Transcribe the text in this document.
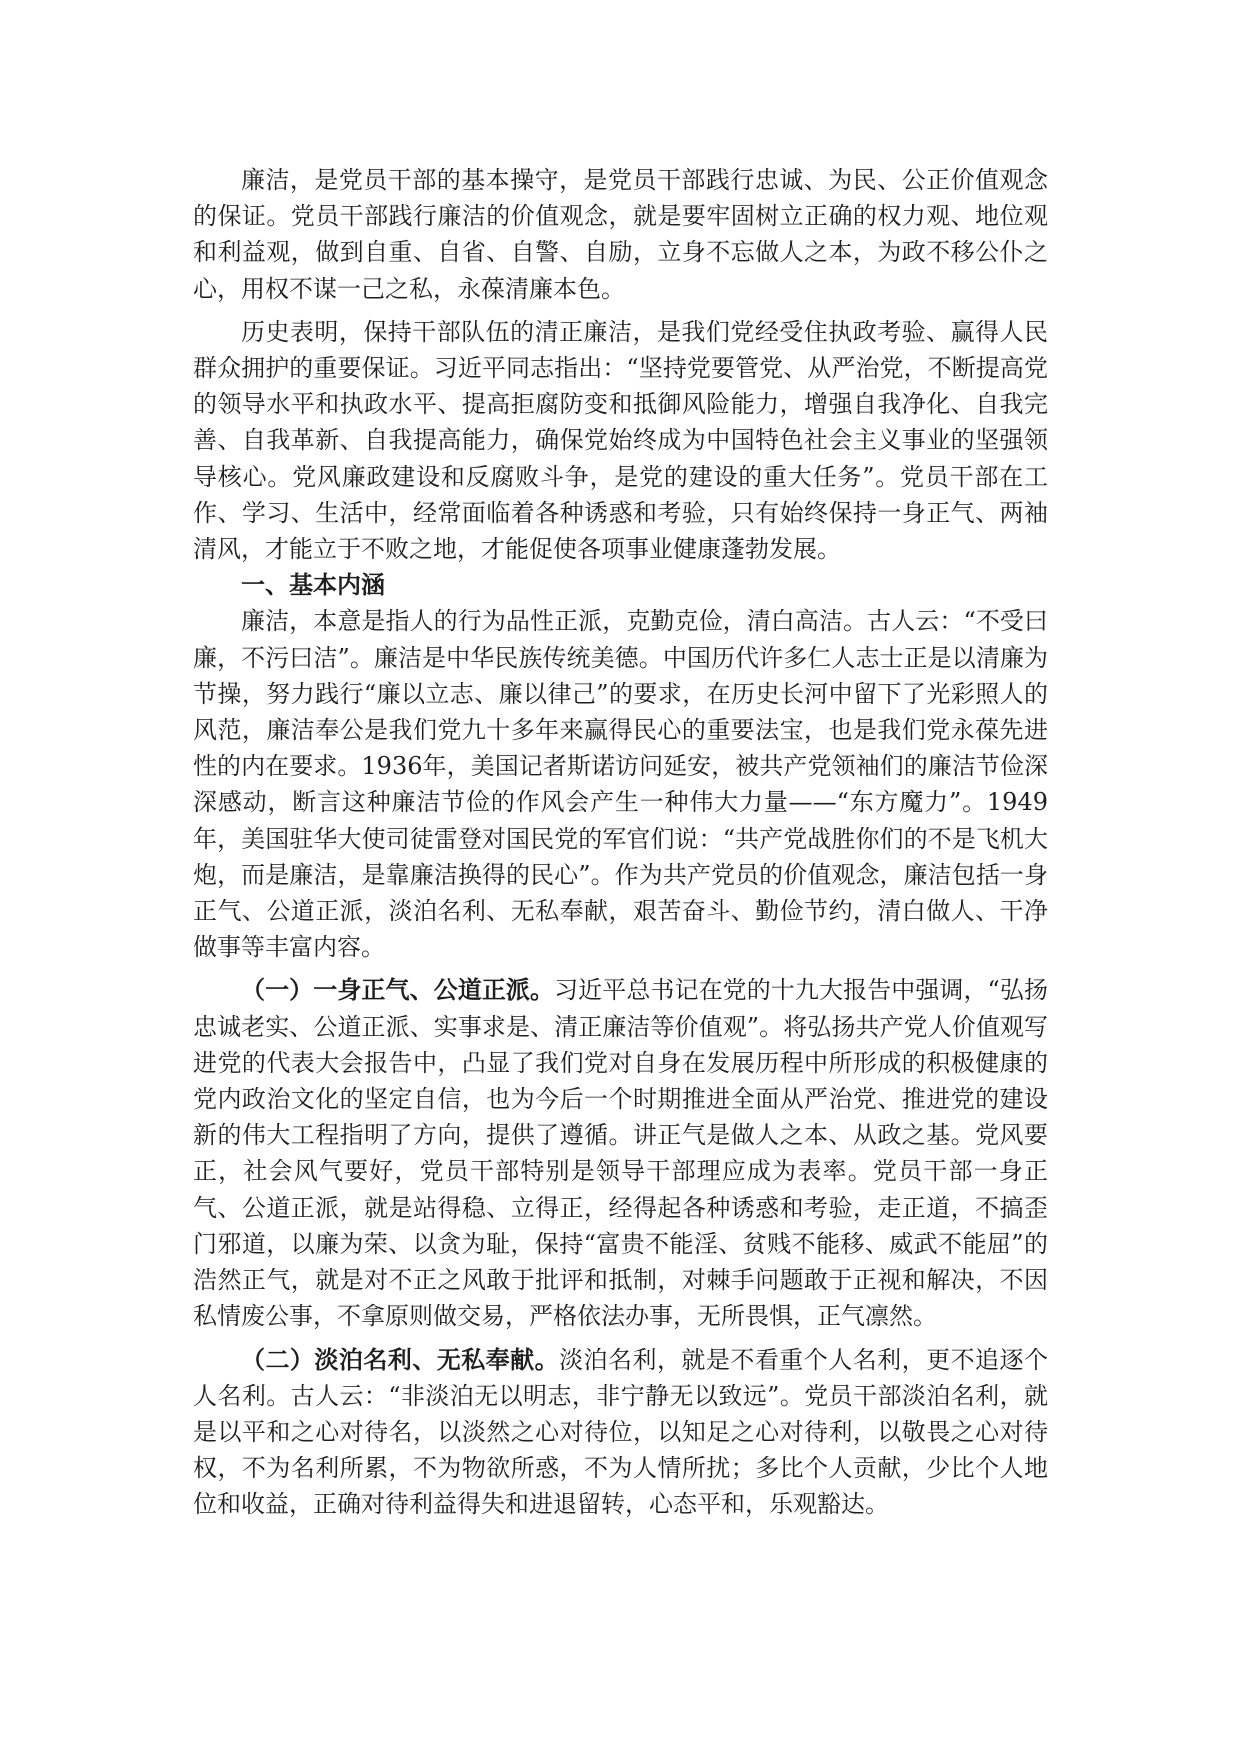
廉洁，是党员干部的基本操守，是党员干部践行忠诚、为民、公正价值观念的保证。党员干部践行廉洁的价值观念，就是要牢固树立正确的权力观、地位观和利益观，做到自重、自省、自警、自励，立身不忘做人之本，为政不移公仆之心，用权不谋一己之私，永葆清廉本色。

历史表明，保持干部队伍的清正廉洁，是我们党经受住执政考验、赢得人民群众拥护的重要保证。习近平同志指出：“坚持党要管党、从严治党，不断提高党的领导水平和执政水平、提高拒腐防变和抵御风险能力，增强自我净化、自我完善、自我革新、自我提高能力，确保党始终成为中国特色社会主义事业的坚强领导核心。党风廉政建设和反腐败斗争，是党的建设的重大任务”。党员干部在工作、学习、生活中，经常面临着各种诱惑和考验，只有始终保持一身正气、两袖清风，才能立于不败之地，才能促使各项事业健康蓬勃发展。

一、基本内涵

廉洁，本意是指人的行为品性正派，克勤克俭，清白高洁。古人云：“不受曰廉，不污曰洁”。廉洁是中华民族传统美德。中国历代许多仁人志士正是以清廉为节操，努力践行“廉以立志、廉以律己”的要求，在历史长河中留下了光彩照人的风范，廉洁奉公是我们党九十多年来赢得民心的重要法宝，也是我们党永葆先进性的内在要求。1936年，美国记者斯诺访问延安，被共产党领袖们的廉洁节俭深深感动，断言这种廉洁节俭的作风会产生一种伟大力量——“东方魔力”。1949年，美国驻华大使司徒雷登对国民党的军官们说：“共产党战胜你们的不是飞机大炮，而是廉洁，是靠廉洁换得的民心”。作为共产党员的价值观念，廉洁包括一身正气、公道正派，淡泊名利、无私奉献，艰苦奋斗、勤俭节约，清白做人、干净做事等丰富内容。

（一）一身正气、公道正派。习近平总书记在党的十九大报告中强调，“弘扬忠诚老实、公道正派、实事求是、清正廉洁等价值观”。将弘扬共产党人价值观写进党的代表大会报告中，凸显了我们党对自身在发展历程中所形成的积极健康的党内政治文化的坚定自信，也为今后一个时期推进全面从严治党、推进党的建设新的伟大工程指明了方向，提供了遵循。讲正气是做人之本、从政之基。党风要正，社会风气要好，党员干部特别是领导干部理应成为表率。党员干部一身正气、公道正派，就是站得稳、立得正，经得起各种诱惑和考验，走正道，不搞歪门邪道，以廉为荣、以贪为耻，保持“富贵不能淫、贫贱不能移、威武不能屈”的浩然正气，就是对不正之风敢于批评和抵制，对棘手问题敢于正视和解决，不因私情废公事，不拿原则做交易，严格依法办事，无所畏惧，正气凛然。

（二）淡泊名利、无私奉献。淡泊名利，就是不看重个人名利，更不追逐个人名利。古人云：“非淡泊无以明志，非宁静无以致远”。党员干部淡泊名利，就是以平和之心对待名，以淡然之心对待位，以知足之心对待利，以敬畏之心对待权，不为名利所累，不为物欲所惑，不为人情所扰；多比个人贡献，少比个人地位和收益，正确对待利益得失和进退留转，心态平和，乐观豁达。
